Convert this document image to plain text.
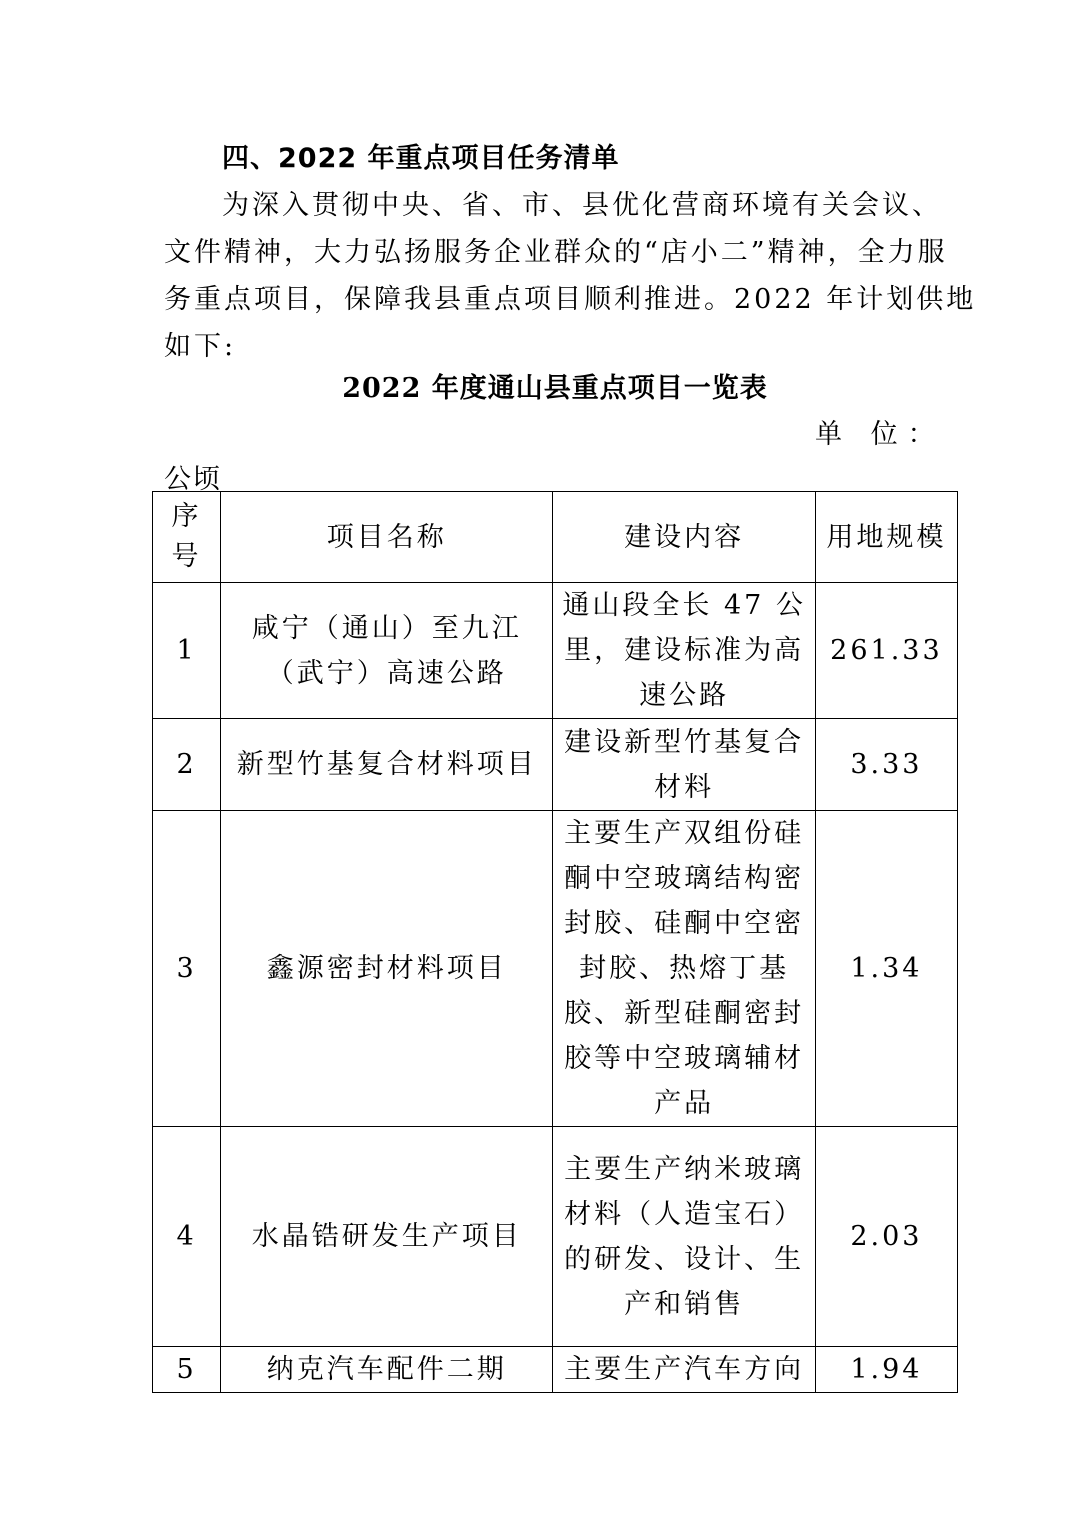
四、2022 年重点项目任务清单
为深入贯彻中央、省、市、县优化营商环境有关会议、
文件精神，大力弘扬服务企业群众的“店小二”精神，全力服
务重点项目，保障我县重点项目顺利推进。2022 年计划供地
如下:
2022 年度通山县重点项目一览表
单 位：
公顷
序号	项目名称	建设内容	用地规模
1	咸宁（通山）至九江（武宁）高速公路	通山段全长 47 公里，建设标准为高速公路	261.33
2	新型竹基复合材料项目	建设新型竹基复合材料	3.33
3	鑫源密封材料项目	主要生产双组份硅酮中空玻璃结构密封胶、硅酮中空密封胶、热熔丁基胶、新型硅酮密封胶等中空玻璃辅材产品	1.34
4	水晶锆研发生产项目	主要生产纳米玻璃材料（人造宝石）的研发、设计、生产和销售	2.03
5	纳克汽车配件二期	主要生产汽车方向	1.94
